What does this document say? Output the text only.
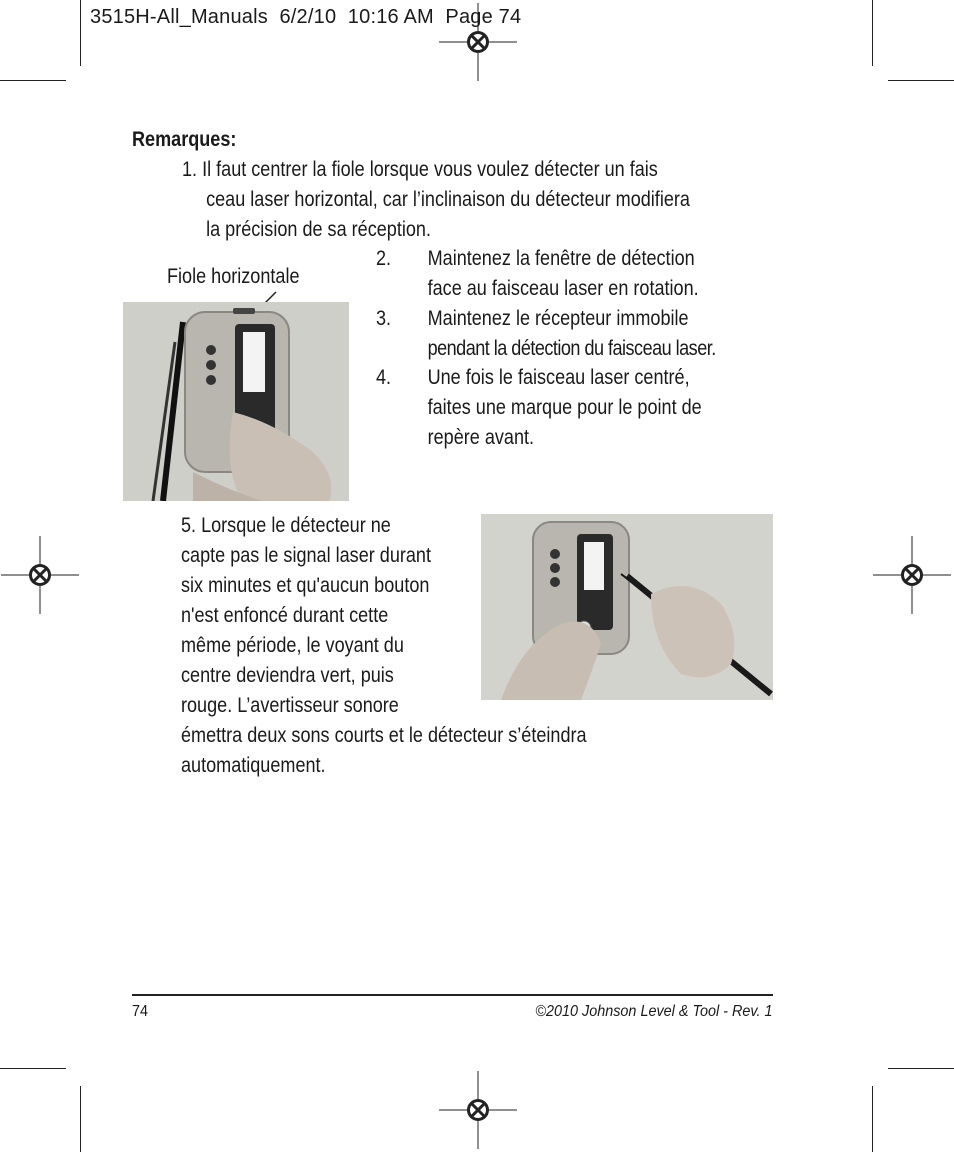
3515H-All_Manuals 6/2/10 10:16 AM Page 74
Remarques:
1. Il faut centrer la fiole lorsque vous voulez détecter un fais
ceau laser horizontal, car l’inclinaison du détecteur modifiera
la précision de sa réception.
Fiole horizontale
2. Maintenez la fenêtre de détection
face au faisceau laser en rotation.
3. Maintenez le récepteur immobile
pendant la détection du faisceau laser.
4. Une fois le faisceau laser centré,
faites une marque pour le point de
repère avant.
5. Lorsque le détecteur ne
capte pas le signal laser durant
six minutes et qu'aucun bouton
n'est enfoncé durant cette
même période, le voyant du
centre deviendra vert, puis
rouge. L’avertisseur sonore
émettra deux sons courts et le détecteur s’éteindra
automatiquement.
74	©2010 Johnson Level & Tool - Rev. 1
